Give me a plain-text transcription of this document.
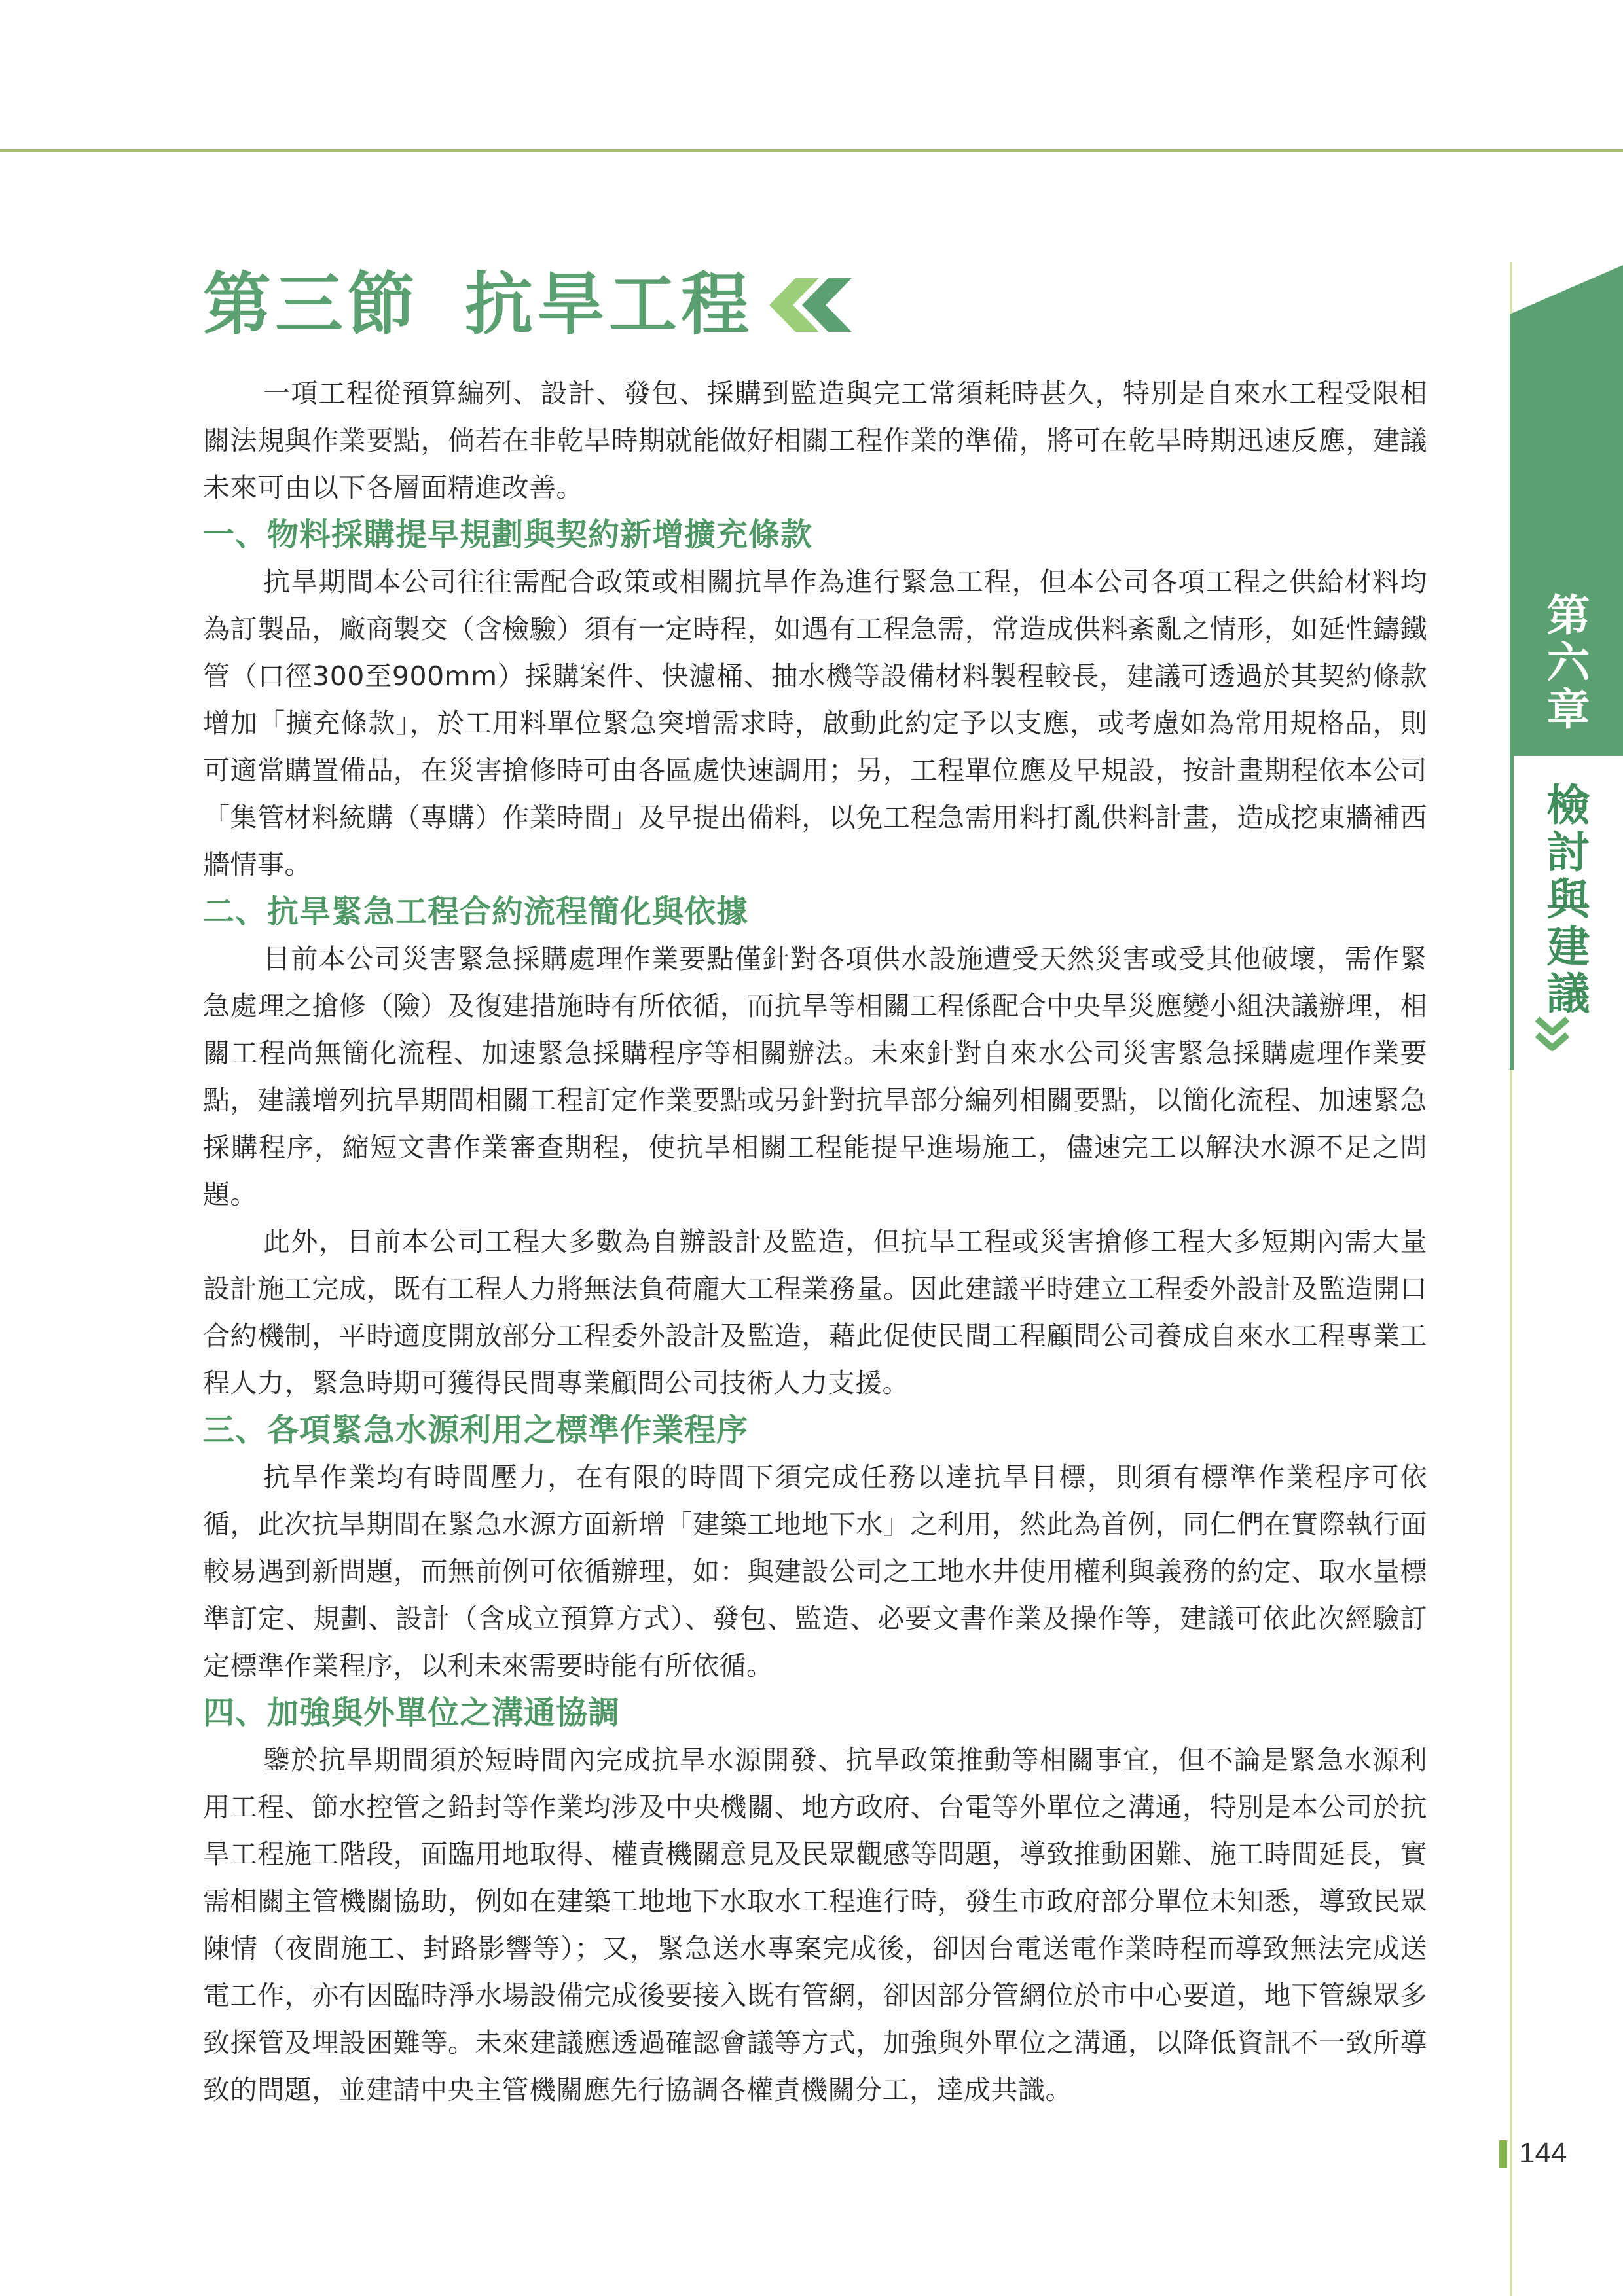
第六章
檢討與建議
第三節 抗旱工程

一項工程從預算編列、設計、發包、採購到監造與完工常須耗時甚久，特別是自來水工程受限相關法規與作業要點，倘若在非乾旱時期就能做好相關工程作業的準備，將可在乾旱時期迅速反應，建議未來可由以下各層面精進改善。

一、物料採購提早規劃與契約新增擴充條款

抗旱期間本公司往往需配合政策或相關抗旱作為進行緊急工程，但本公司各項工程之供給材料均為訂製品，廠商製交（含檢驗）須有一定時程，如遇有工程急需，常造成供料紊亂之情形，如延性鑄鐵管（口徑300至900mm）採購案件、快濾桶、抽水機等設備材料製程較長，建議可透過於其契約條款增加「擴充條款」，於工用料單位緊急突增需求時，啟動此約定予以支應，或考慮如為常用規格品，則可適當購置備品，在災害搶修時可由各區處快速調用；另，工程單位應及早規設，按計畫期程依本公司「集管材料統購（專購）作業時間」及早提出備料，以免工程急需用料打亂供料計畫，造成挖東牆補西牆情事。

二、抗旱緊急工程合約流程簡化與依據

目前本公司災害緊急採購處理作業要點僅針對各項供水設施遭受天然災害或受其他破壞，需作緊急處理之搶修（險）及復建措施時有所依循，而抗旱等相關工程係配合中央旱災應變小組決議辦理，相關工程尚無簡化流程、加速緊急採購程序等相關辦法。未來針對自來水公司災害緊急採購處理作業要點，建議增列抗旱期間相關工程訂定作業要點或另針對抗旱部分編列相關要點，以簡化流程、加速緊急採購程序，縮短文書作業審查期程，使抗旱相關工程能提早進場施工，儘速完工以解決水源不足之問題。

此外，目前本公司工程大多數為自辦設計及監造，但抗旱工程或災害搶修工程大多短期內需大量設計施工完成，既有工程人力將無法負荷龐大工程業務量。因此建議平時建立工程委外設計及監造開口合約機制，平時適度開放部分工程委外設計及監造，藉此促使民間工程顧問公司養成自來水工程專業工程人力，緊急時期可獲得民間專業顧問公司技術人力支援。

三、各項緊急水源利用之標準作業程序

抗旱作業均有時間壓力，在有限的時間下須完成任務以達抗旱目標，則須有標準作業程序可依循，此次抗旱期間在緊急水源方面新增「建築工地地下水」之利用，然此為首例，同仁們在實際執行面較易遇到新問題，而無前例可依循辦理，如：與建設公司之工地水井使用權利與義務的約定、取水量標準訂定、規劃、設計（含成立預算方式）、發包、監造、必要文書作業及操作等，建議可依此次經驗訂定標準作業程序，以利未來需要時能有所依循。

四、加強與外單位之溝通協調

鑒於抗旱期間須於短時間內完成抗旱水源開發、抗旱政策推動等相關事宜，但不論是緊急水源利用工程、節水控管之鉛封等作業均涉及中央機關、地方政府、台電等外單位之溝通，特別是本公司於抗旱工程施工階段，面臨用地取得、權責機關意見及民眾觀感等問題，導致推動困難、施工時間延長，實需相關主管機關協助，例如在建築工地地下水取水工程進行時，發生市政府部分單位未知悉，導致民眾陳情（夜間施工、封路影響等）；又，緊急送水專案完成後，卻因台電送電作業時程而導致無法完成送電工作，亦有因臨時淨水場設備完成後要接入既有管網，卻因部分管網位於市中心要道，地下管線眾多致探管及埋設困難等。未來建議應透過確認會議等方式，加強與外單位之溝通，以降低資訊不一致所導致的問題，並建請中央主管機關應先行協調各權責機關分工，達成共識。

144
